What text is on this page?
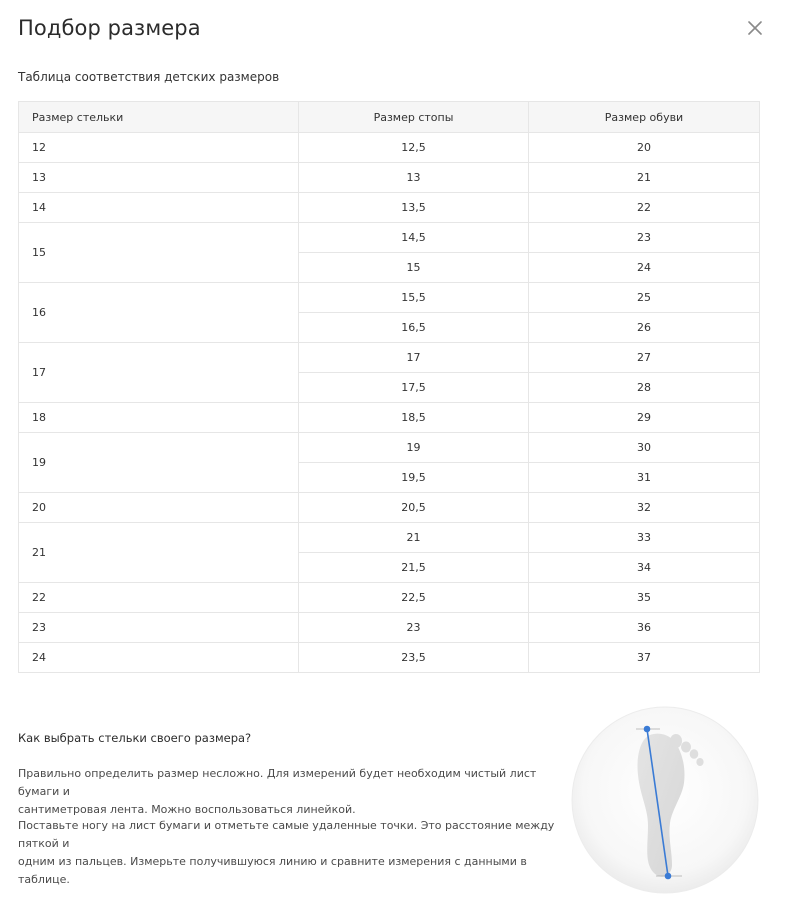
Подбор размера
Таблица соответствия детских размеров
Размер стельки	Размер стопы	Размер обуви
12	12,5	20
13	13	21
14	13,5	22
15	14,5	23
	15	24
16	15,5	25
	16,5	26
17	17	27
	17,5	28
18	18,5	29
19	19	30
	19,5	31
20	20,5	32
21	21	33
	21,5	34
22	22,5	35
23	23	36
24	23,5	37
Как выбрать стельки своего размера?

Правильно определить размер несложно. Для измерений будет необходим чистый лист бумаги и
сантиметровая лента. Можно воспользоваться линейкой.

Поставьте ногу на лист бумаги и отметьте самые удаленные точки. Это расстояние между пяткой и
одним из пальцев. Измерьте получившуюся линию и сравните измерения с данными в таблице.
